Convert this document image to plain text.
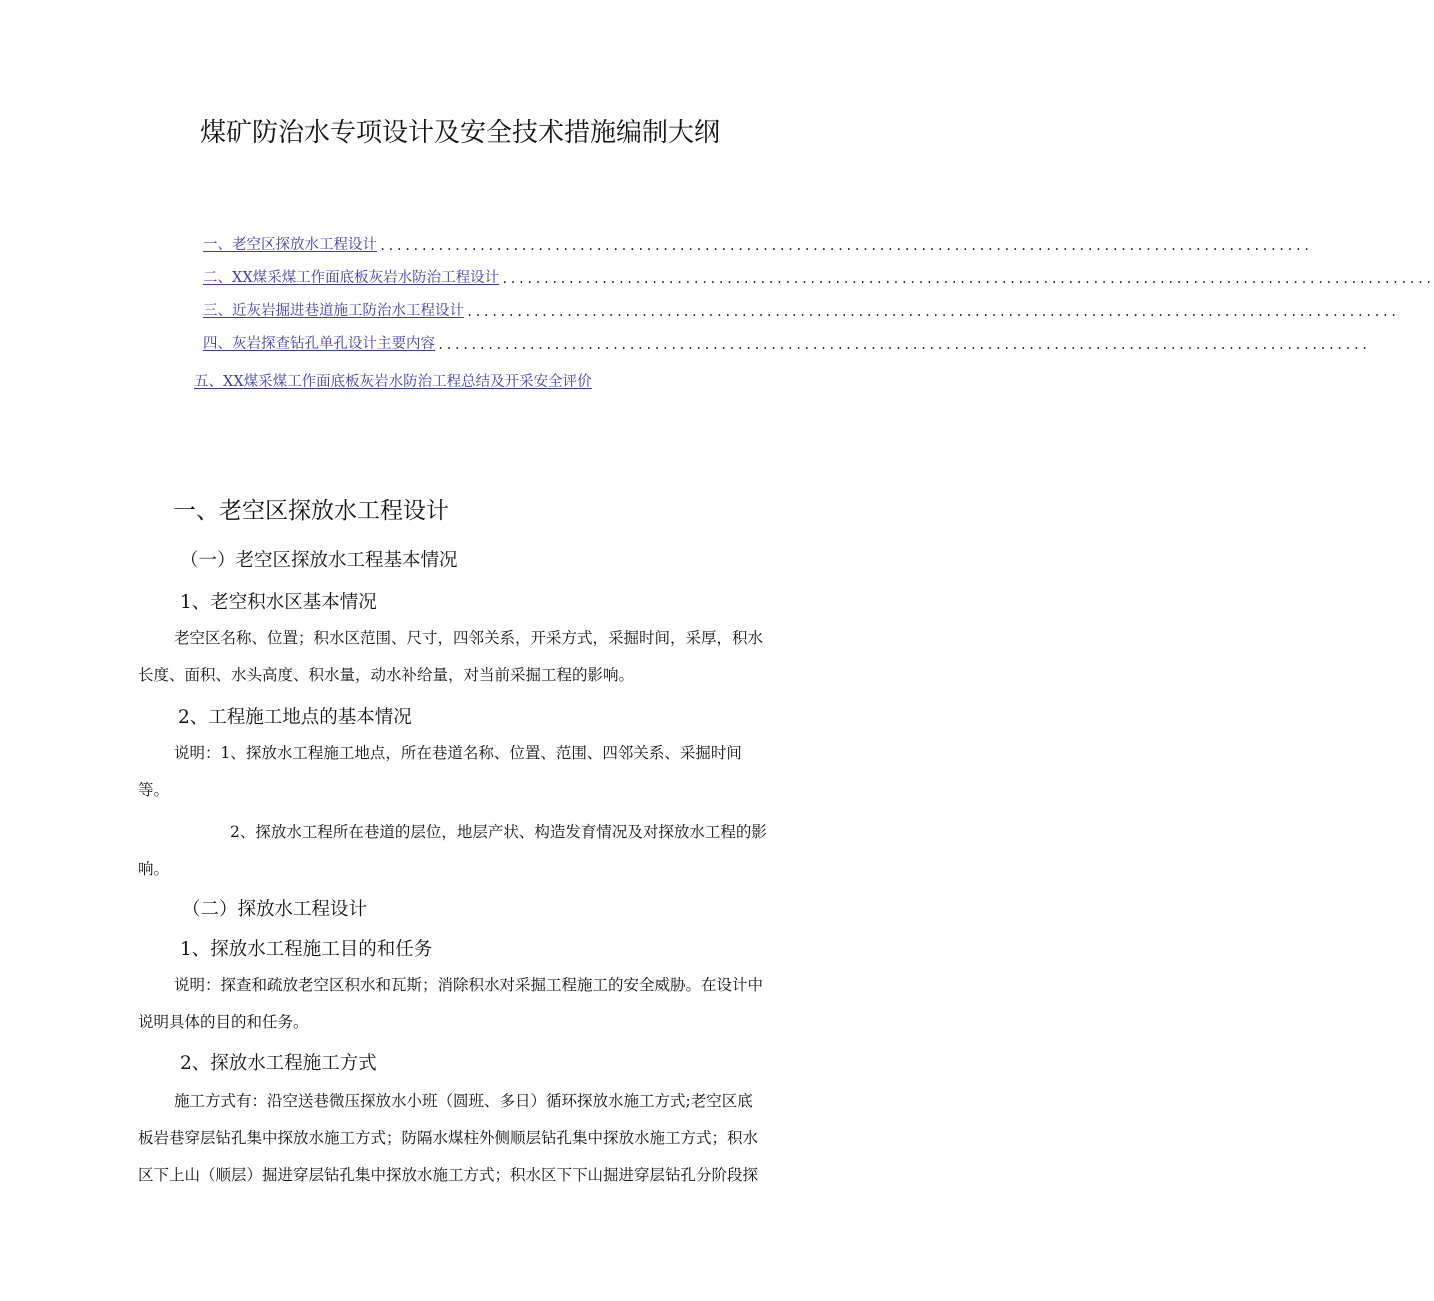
煤矿防治水专项设计及安全技术措施编制大纲
一、老空区探放水工程设计 ................................................................................................................
二、XX煤采煤工作面底板灰岩水防治工程设计 ................................................................................................................
三、近灰岩掘进巷道施工防治水工程设计 ................................................................................................................
四、灰岩探查钻孔单孔设计主要内容 ................................................................................................................
五、XX煤采煤工作面底板灰岩水防治工程总结及开采安全评价
一、老空区探放水工程设计
（一）老空区探放水工程基本情况
1、老空积水区基本情况
老空区名称、位置；积水区范围、尺寸，四邻关系，开采方式，采掘时间，采厚，积水
长度、面积、水头高度、积水量，动水补给量，对当前采掘工程的影响。
2、工程施工地点的基本情况
说明：1、探放水工程施工地点，所在巷道名称、位置、范围、四邻关系、采掘时间
等。
2、探放水工程所在巷道的层位，地层产状、构造发育情况及对探放水工程的影
响。
（二）探放水工程设计
1、探放水工程施工目的和任务
说明：探查和疏放老空区积水和瓦斯；消除积水对采掘工程施工的安全威胁。在设计中
说明具体的目的和任务。
2、探放水工程施工方式
施工方式有：沿空送巷微压探放水小班（圆班、多日）循环探放水施工方式;老空区底
板岩巷穿层钻孔集中探放水施工方式；防隔水煤柱外侧顺层钻孔集中探放水施工方式；积水
区下上山（顺层）掘进穿层钻孔集中探放水施工方式；积水区下下山掘进穿层钻孔分阶段探
